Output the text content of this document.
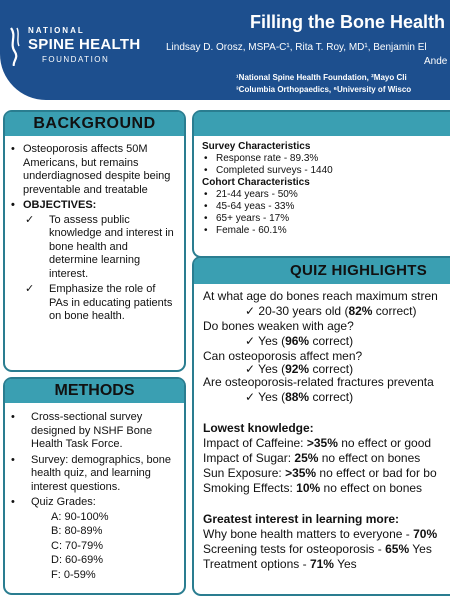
NATIONAL
SPINE HEALTH
FOUNDATION
Filling the Bone Health
Lindsay D. Orosz, MSPA-C¹, Rita T. Roy, MD¹, Benjamin El
Ande
¹National Spine Health Foundation, ²Mayo Cli
³Columbia Orthopaedics, ⁶University of Wisco
BACKGROUND
• Osteoporosis affects 50M Americans, but remains underdiagnosed despite being preventable and treatable
• OBJECTIVES:
✓ To assess public knowledge and interest in bone health and determine learning interest.
✓ Emphasize the role of PAs in educating patients on bone health.
METHODS
• Cross-sectional survey designed by NSHF Bone Health Task Force.
• Survey: demographics, bone health quiz, and learning interest questions.
• Quiz Grades:
A: 90-100%
B: 80-89%
C: 70-79%
D: 60-69%
F: 0-59%
Survey Characteristics
• Response rate - 89.3%
• Completed surveys - 1440
Cohort Characteristics
• 21-44 years - 50%
• 45-64 yeas - 33%
• 65+ years - 17%
• Female - 60.1%
QUIZ HIGHLIGHTS
At what age do bones reach maximum stren
✓ 20-30 years old (82% correct)
Do bones weaken with age?
✓ Yes (96% correct)
Can osteoporosis affect men?
✓ Yes (92% correct)
Are osteoporosis-related fractures preventa
✓ Yes (88% correct)
Lowest knowledge:
Impact of Caffeine: >35% no effect or good
Impact of Sugar: 25% no effect on bones
Sun Exposure: >35% no effect or bad for bo
Smoking Effects: 10% no effect on bones
Greatest interest in learning more:
Why bone health matters to everyone - 70%
Screening tests for osteoporosis - 65% Yes
Treatment options - 71% Yes
